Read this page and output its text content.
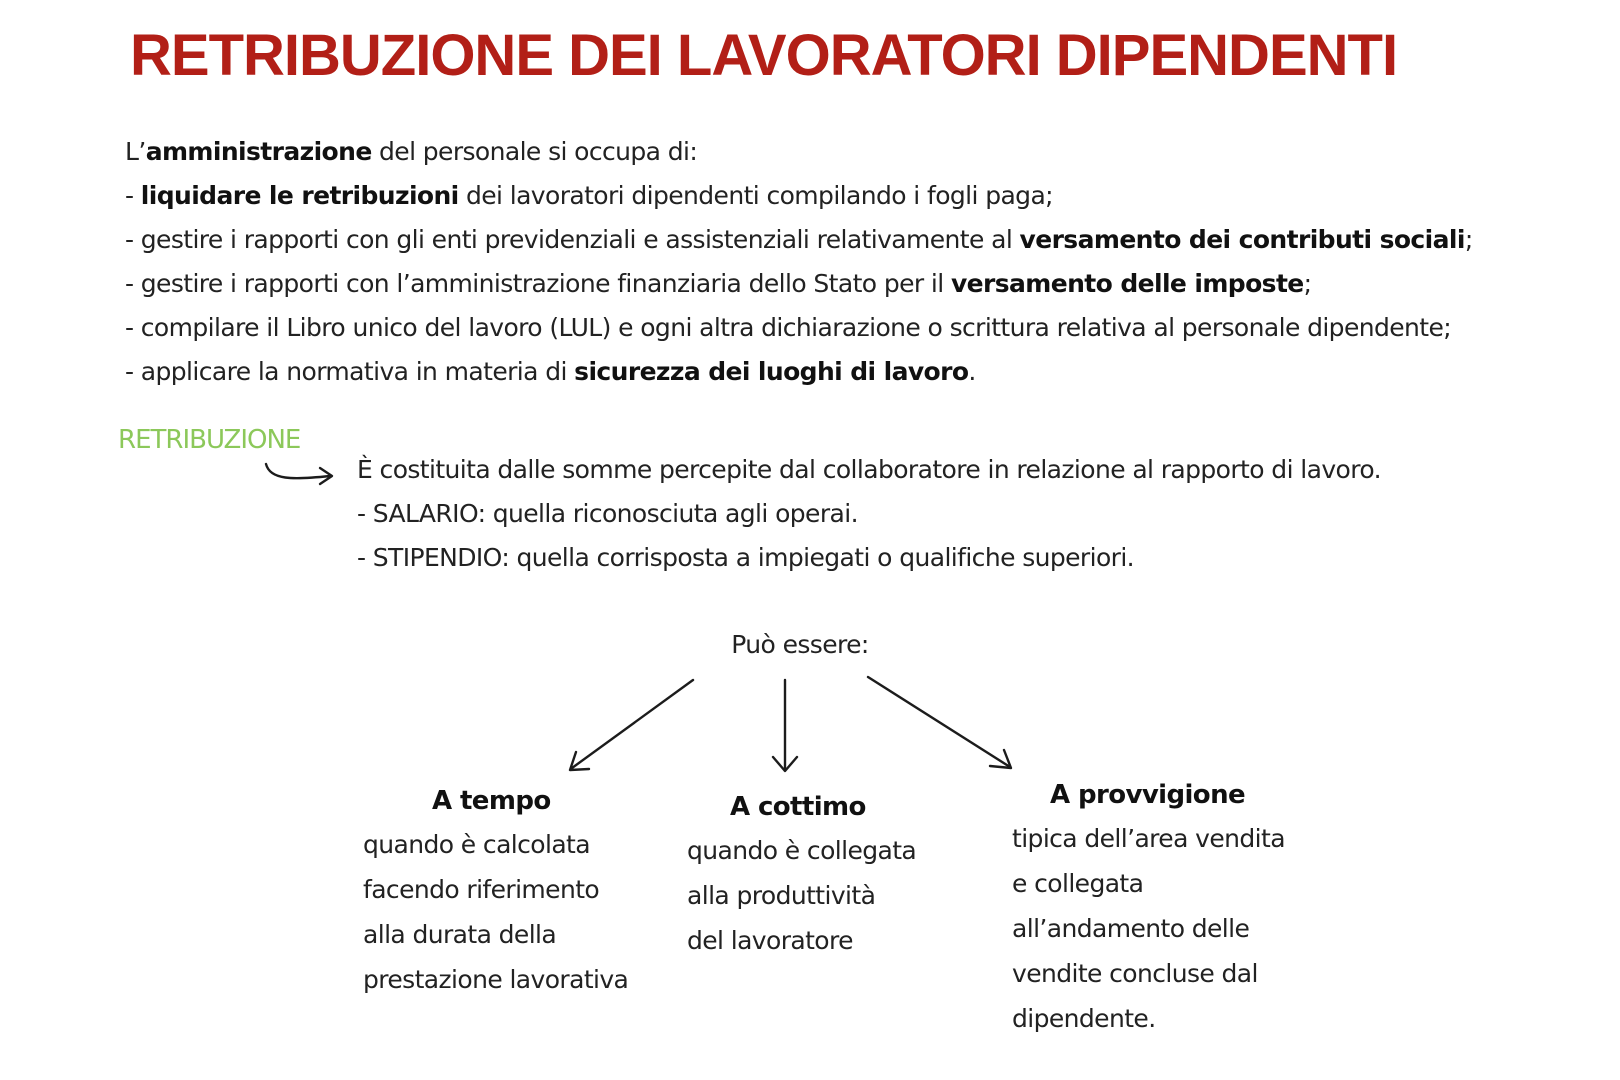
RETRIBUZIONE DEI LAVORATORI DIPENDENTI
L’amministrazione del personale si occupa di:
- liquidare le retribuzioni dei lavoratori dipendenti compilando i fogli paga;
- gestire i rapporti con gli enti previdenziali e assistenziali relativamente al versamento dei contributi sociali;
- gestire i rapporti con l’amministrazione finanziaria dello Stato per il versamento delle imposte;
- compilare il Libro unico del lavoro (LUL) e ogni altra dichiarazione o scrittura relativa al personale dipendente;
- applicare la normativa in materia di sicurezza dei luoghi di lavoro.
RETRIBUZIONE
È costituita dalle somme percepite dal collaboratore in relazione al rapporto di lavoro.
- SALARIO: quella riconosciuta agli operai.
- STIPENDIO: quella corrisposta a impiegati o qualifiche superiori.
Può essere:
A tempo

quando è calcolata
facendo riferimento
alla durata della
prestazione lavorativa

A cottimo

quando è collegata
alla produttività
del lavoratore

A provvigione

tipica dell’area vendita
e collegata
all’andamento delle
vendite concluse dal
dipendente.
